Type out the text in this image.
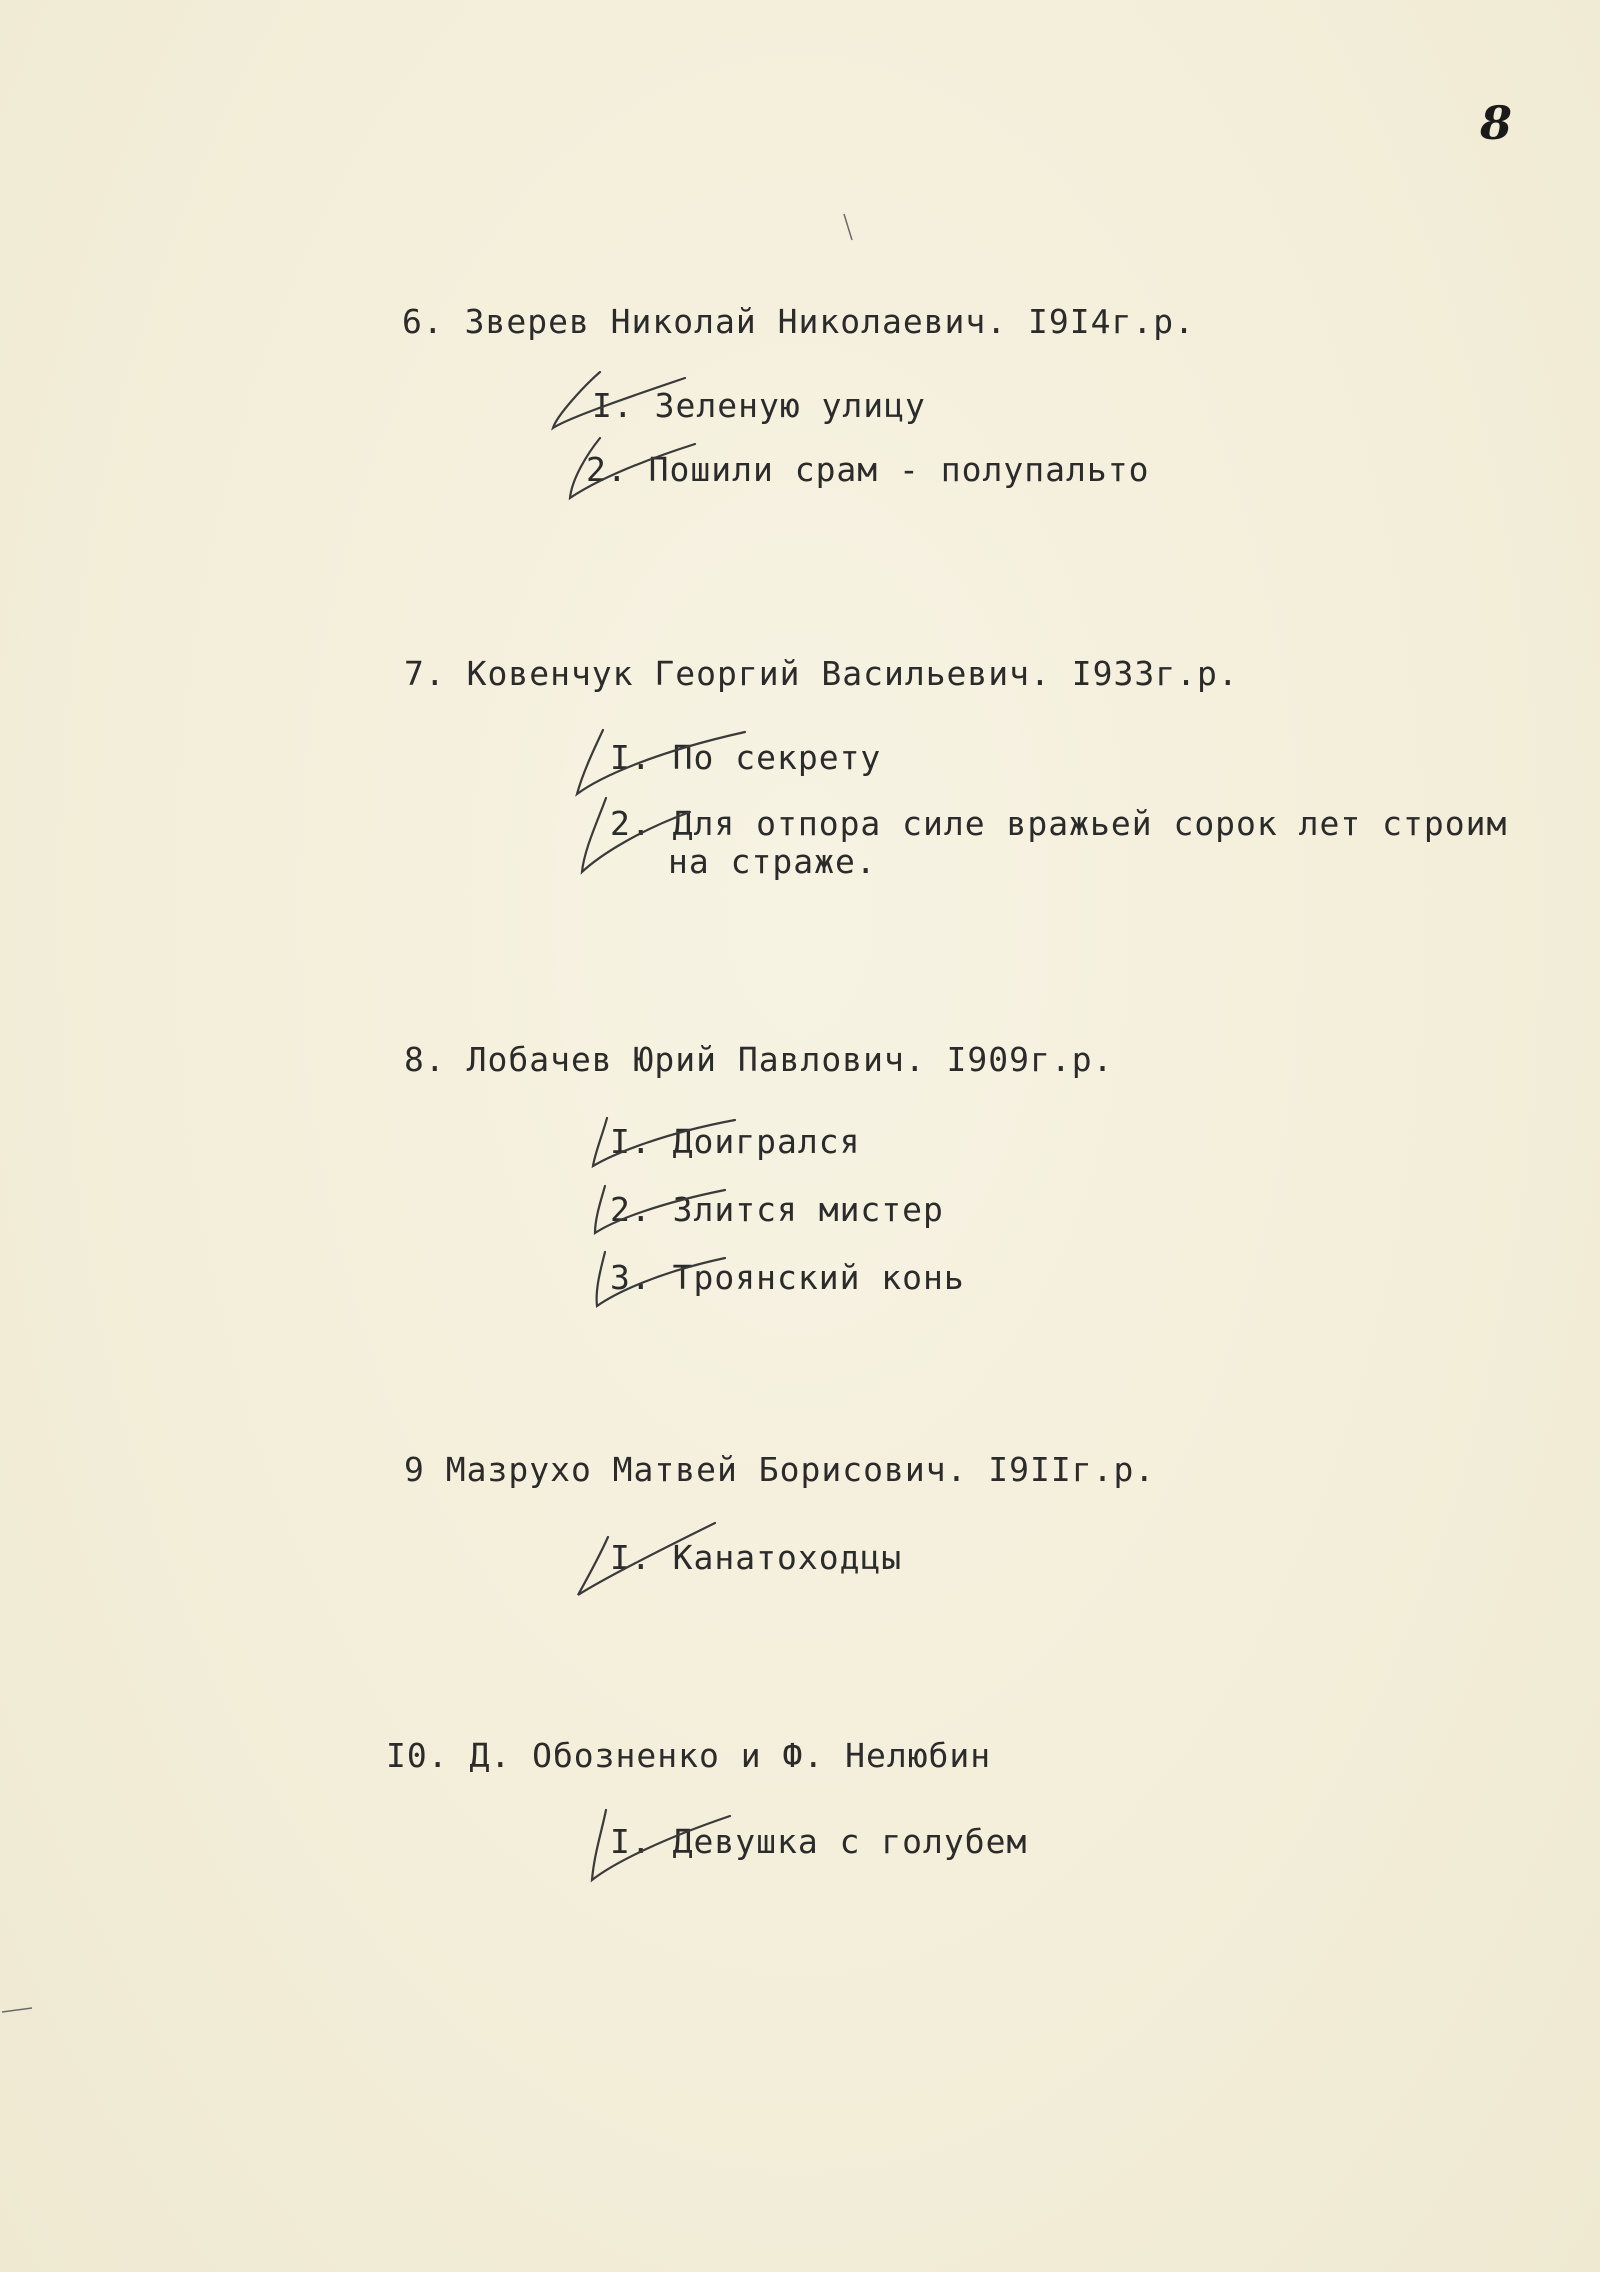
8
6. Зверев Николай Николаевич. I9I4г.р.
I. Зеленую улицу
2. Пошили срам - полупальто
7. Ковенчук Георгий Васильевич. I933г.р.
I. По секрету
2. Для отпора силе вражьей сорок лет строим
на страже.
8. Лобачев Юрий Павлович. I909г.р.
I. Доигрался
2. Злится мистер
3. Троянский конь
9 Мазрухо Матвей Борисович. I9IIг.р.
I. Канатоходцы
I0. Д. Обозненко и Ф. Нелюбин
I. Девушка с голубем
